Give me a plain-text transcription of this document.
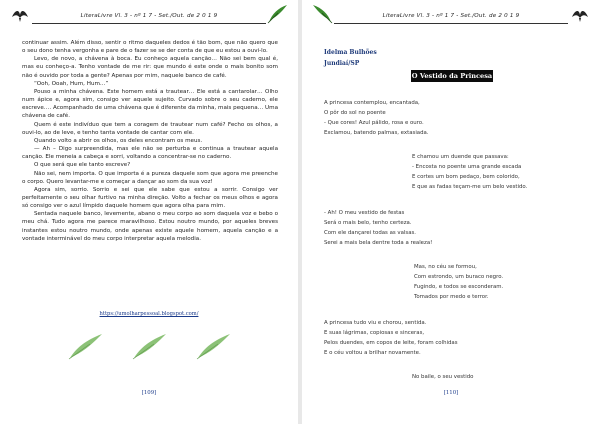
LiteraLivre Vl. 3 - nº 1 7 - Set./Out. de 2 0 1 9

continuar assim. Além disso, sentir o ritmo daqueles dedos é tão bom, que não quero que o seu dono tenha vergonha e pare de o fazer se se der conta de que eu estou a ouvi-lo.

Levo, de novo, a chávena à boca. Eu conheço aquela canção… Não sei bem qual é, mas eu conheço-a. Tenho vontade de me rir: que mundo é este onde o mais bonito som não é ouvido por toda a gente? Apenas por mim, naquele banco de café.

“Ooh, Ooah, Hum, Hum…”

Pouso a minha chávena. Este homem está a trautear… Ele está a cantarolar… Olho num ápice e, agora sim, consigo ver aquele sujeito. Curvado sobre o seu caderno, ele escreve…. Acompanhado de uma chávena que é diferente da minha, mais pequena… Uma chávena de café.

Quem é este indivíduo que tem a coragem de trautear num café? Fecho os olhos, a ouvi-lo, ao de leve, e tenho tanta vontade de cantar com ele.

Quando volto a abrir os olhos, os deles encontram os meus.

— Ah – Digo surpreendida, mas ele não se perturba e continua a trautear aquela canção. Ele meneia a cabeça e sorri, voltando a concentrar-se no caderno.

O que será que ele tanto escreve?

Não sei, nem importa. O que importa é a pureza daquele som que agora me preenche o corpo. Quero levantar-me e começar a dançar ao som da sua voz!

Agora sim, sorrio. Sorrio e sei que ele sabe que estou a sorrir. Consigo ver perfeitamente o seu olhar furtivo na minha direção. Volto a fechar os meus olhos e agora só consigo ver o azul límpido daquele homem que agora olha para mim.

Sentada naquele banco, levemente, abano o meu corpo ao som daquela voz e bebo o meu chá. Tudo agora me parece maravilhoso. Estou noutro mundo, por aqueles breves instantes estou noutro mundo, onde apenas existe aquele homem, aquela canção e a vontade interminável do meu corpo interpretar aquela melodia.

https://umolharpessoal.blogspot.com/
[109]
LiteraLivre Vl. 3 - nº 1 7 - Set./Out. de 2 0 1 9
Idelma Bulhões
Jundiaí/SP
O Vestido da Princesa
A princesa contemplou, encantada,
O pôr do sol no poente
- Que cores! Azul pálido, rosa e ouro.
Exclamou, batendo palmas, extasiada.
E chamou um duende que passava:
- Encosta no poente uma grande escada
E cortes um bom pedaço, bem colorido,
E que as fadas teçam-me um belo vestido.
- Ah! O meu vestido de festas
Será o mais belo, tenho certeza.
Com ele dançarei todas as valsas.
Serei a mais bela dentre toda a realeza!
Mas, no céu se formou,
Com estrondo, um buraco negro.
Fugindo, e todos se esconderam.
Tomados por medo e terror.
A princesa tudo viu e chorou, sentida.
E suas lágrimas, copiosas e sinceras,
Pelos duendes, em copos de leite, foram colhidas
E o céu voltou a brilhar novamente.
No baile, o seu vestido
[110]
